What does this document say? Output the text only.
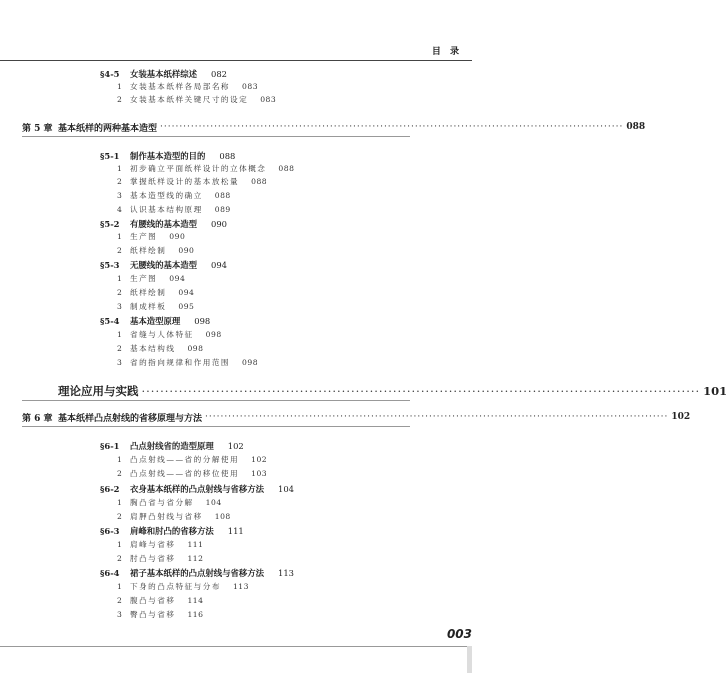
目 录
§4-5	女装基本纸样综述 082
1	女装基本纸样各局部名称 083
2	女装基本纸样关键尺寸的设定 083
第 5 章 基本纸样的两种基本造型 ························································································································ 088
§5-1	制作基本造型的目的 088
1	初步确立平面纸样设计的立体概念 088
2	掌握纸样设计的基本放松量 088
3	基本造型线的确立 088
4	认识基本结构原理 089
§5-2	有腰线的基本造型 090
1	生产图 090
2	纸样绘制 090
§5-3	无腰线的基本造型 094
1	生产图 094
2	纸样绘制 094
3	制成样板 095
§5-4	基本造型原理 098
1	省缝与人体特征 098
2	基本结构线 098
3	省的指向规律和作用范围 098
理论应用与实践 ························································································································ 101
第 6 章 基本纸样凸点射线的省移原理与方法 ························································································································ 102
§6-1	凸点射线省的造型原理 102
1	凸点射线——省的分解使用 102
2	凸点射线——省的移位使用 103
§6-2	衣身基本纸样的凸点射线与省移方法 104
1	胸凸省与省分解 104
2	肩胛凸射线与省移 108
§6-3	肩峰和肘凸的省移方法 111
1	肩峰与省移 111
2	肘凸与省移 112
§6-4	裙子基本纸样的凸点射线与省移方法 113
1	下身的凸点特征与分布 113
2	腹凸与省移 114
3	臀凸与省移 116
003
